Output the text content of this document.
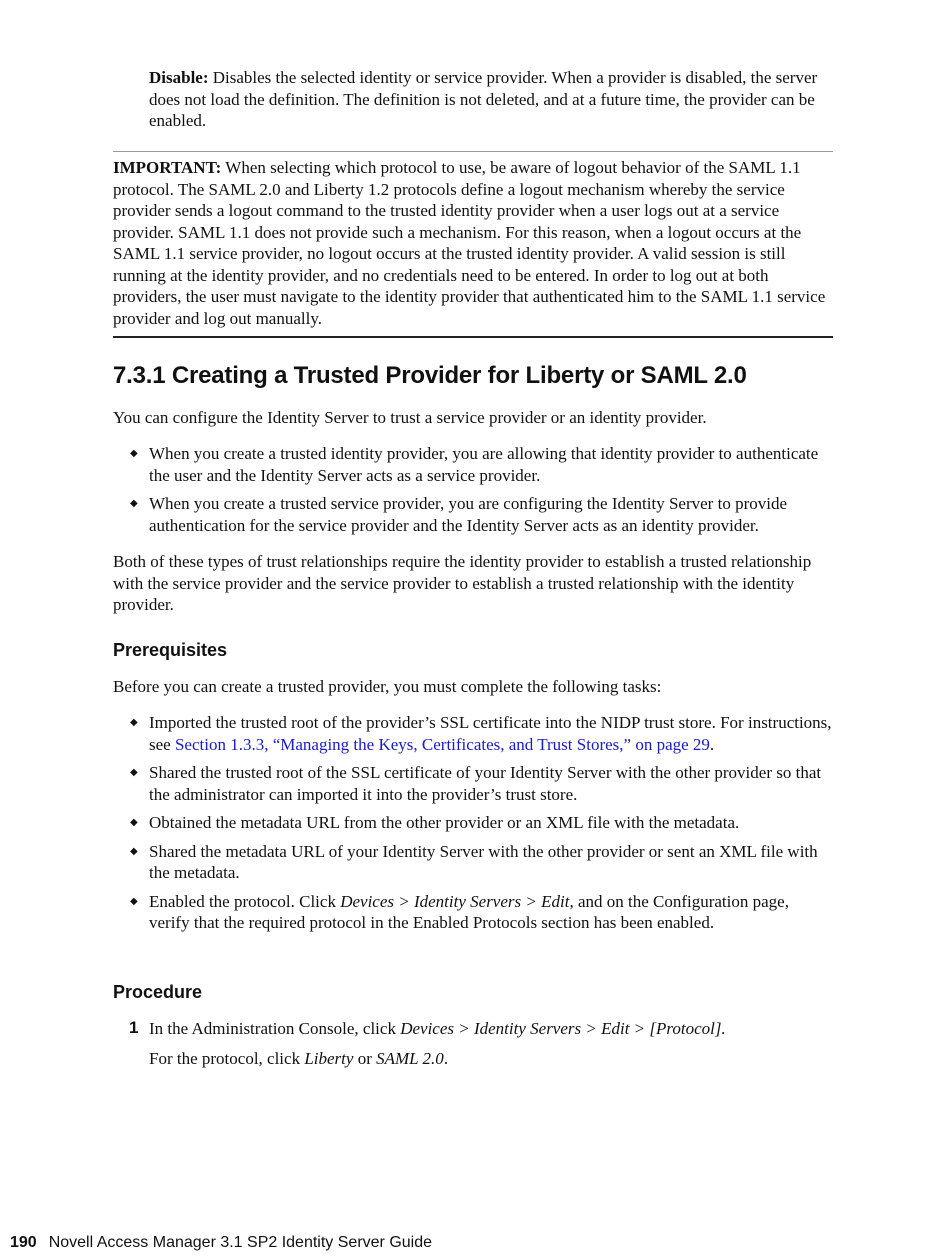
Disable: Disables the selected identity or service provider. When a provider is disabled, the server does not load the definition. The definition is not deleted, and at a future time, the provider can be enabled.

IMPORTANT: When selecting which protocol to use, be aware of logout behavior of the SAML 1.1 protocol. The SAML 2.0 and Liberty 1.2 protocols define a logout mechanism whereby the service provider sends a logout command to the trusted identity provider when a user logs out at a service provider. SAML 1.1 does not provide such a mechanism. For this reason, when a logout occurs at the SAML 1.1 service provider, no logout occurs at the trusted identity provider. A valid session is still running at the identity provider, and no credentials need to be entered. In order to log out at both providers, the user must navigate to the identity provider that authenticated him to the SAML 1.1 service provider and log out manually.

7.3.1 Creating a Trusted Provider for Liberty or SAML 2.0

You can configure the Identity Server to trust a service provider or an identity provider.

◆ When you create a trusted identity provider, you are allowing that identity provider to authenticate the user and the Identity Server acts as a service provider.
◆ When you create a trusted service provider, you are configuring the Identity Server to provide authentication for the service provider and the Identity Server acts as an identity provider.

Both of these types of trust relationships require the identity provider to establish a trusted relationship with the service provider and the service provider to establish a trusted relationship with the identity provider.

Prerequisites

Before you can create a trusted provider, you must complete the following tasks:

◆ Imported the trusted root of the provider’s SSL certificate into the NIDP trust store. For instructions, see Section 1.3.3, “Managing the Keys, Certificates, and Trust Stores,” on page 29.
◆ Shared the trusted root of the SSL certificate of your Identity Server with the other provider so that the administrator can imported it into the provider’s trust store.
◆ Obtained the metadata URL from the other provider or an XML file with the metadata.
◆ Shared the metadata URL of your Identity Server with the other provider or sent an XML file with the metadata.
◆ Enabled the protocol. Click Devices > Identity Servers > Edit, and on the Configuration page, verify that the required protocol in the Enabled Protocols section has been enabled.
Procedure
1 In the Administration Console, click Devices > Identity Servers > Edit > [Protocol].

For the protocol, click Liberty or SAML 2.0.

190 Novell Access Manager 3.1 SP2 Identity Server Guide
